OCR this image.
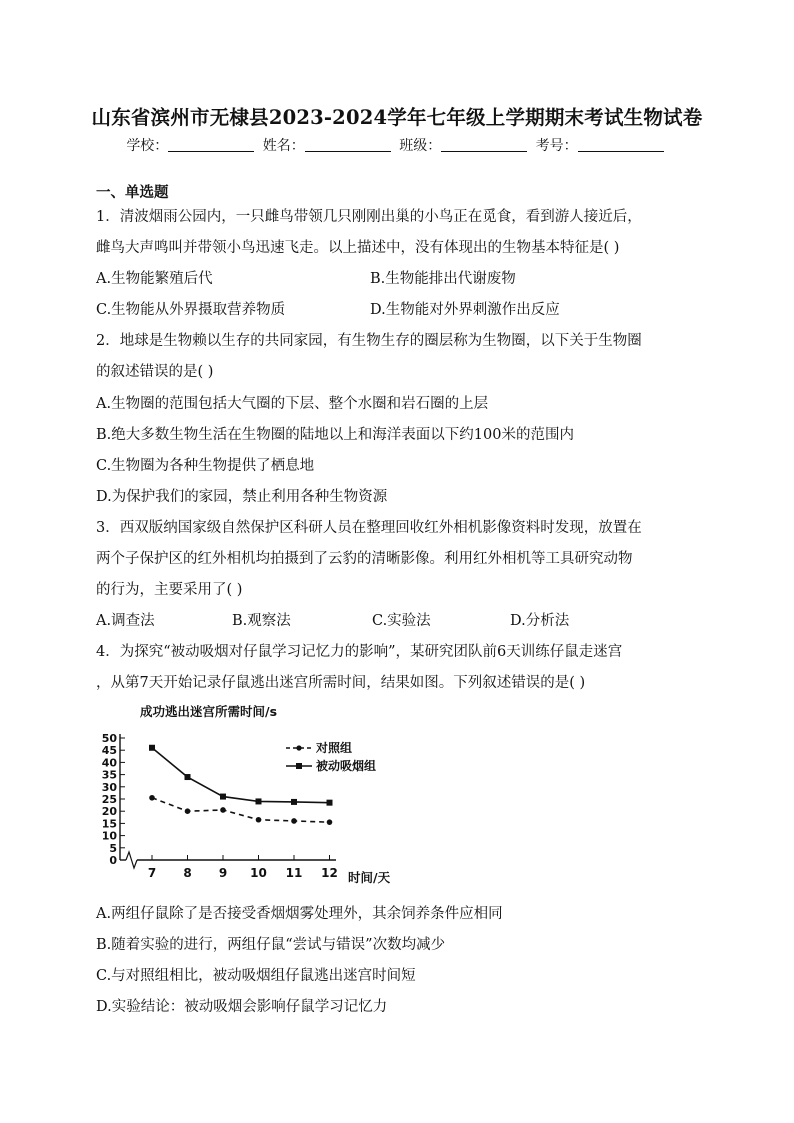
山东省滨州市无棣县2023-2024学年七年级上学期期末考试生物试卷
学校：	姓名：	班级：	考号：
一、单选题
1．清波烟雨公园内，一只雌鸟带领几只刚刚出巢的小鸟正在觅食，看到游人接近后，
雌鸟大声鸣叫并带领小鸟迅速飞走。以上描述中，没有体现出的生物基本特征是( )
A.生物能繁殖后代	B.生物能排出代谢废物
C.生物能从外界摄取营养物质	D.生物能对外界刺激作出反应
2．地球是生物赖以生存的共同家园，有生物生存的圈层称为生物圈，以下关于生物圈
的叙述错误的是( )
A.生物圈的范围包括大气圈的下层、整个水圈和岩石圈的上层
B.绝大多数生物生活在生物圈的陆地以上和海洋表面以下约100米的范围内
C.生物圈为各种生物提供了栖息地
D.为保护我们的家园，禁止利用各种生物资源
3．西双版纳国家级自然保护区科研人员在整理回收红外相机影像资料时发现，放置在
两个子保护区的红外相机均拍摄到了云豹的清晰影像。利用红外相机等工具研究动物
的行为，主要采用了( )
A.调查法	B.观察法	C.实验法	D.分析法
4．为探究“被动吸烟对仔鼠学习记忆力的影响”，某研究团队前6天训练仔鼠走迷宫
，从第7天开始记录仔鼠逃出迷宫所需时间，结果如图。下列叙述错误的是( )
成功逃出迷宫所需时间/s
0
5
10
15
20
25
30
35
40
45
50
7 8 9 10 11 12 时间/天
对照组
被动吸烟组
A.两组仔鼠除了是否接受香烟烟雾处理外，其余饲养条件应相同
B.随着实验的进行，两组仔鼠“尝试与错误”次数均减少
C.与对照组相比，被动吸烟组仔鼠逃出迷宫时间短
D.实验结论：被动吸烟会影响仔鼠学习记忆力
